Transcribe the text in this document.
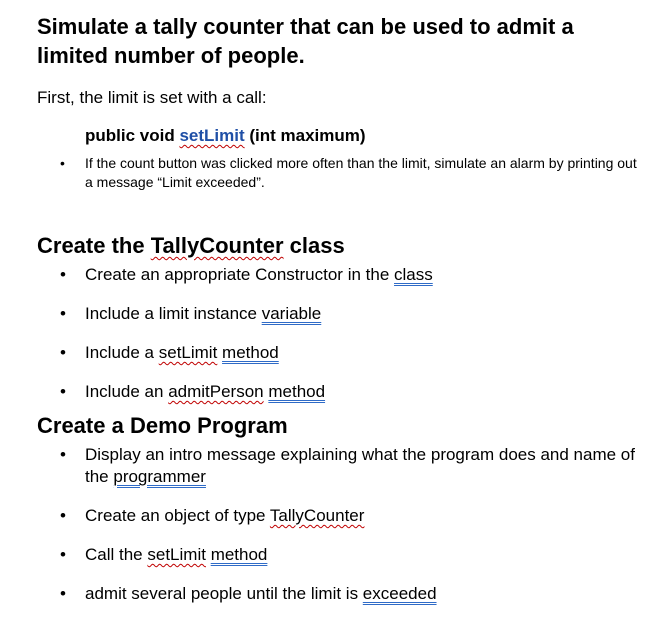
Simulate a tally counter that can be used to admit a limited number of people.

First, the limit is set with a call:

public void setLimit (int maximum)

• If the count button was clicked more often than the limit, simulate an alarm by printing out a message “Limit exceeded”.

Create the TallyCounter class

• Create an appropriate Constructor in the class
• Include a limit instance variable
• Include a setLimit method
• Include an admitPerson method

Create a Demo Program

• Display an intro message explaining what the program does and name of the programmer
• Create an object of type TallyCounter
• Call the setLimit method
• admit several people until the limit is exceeded
